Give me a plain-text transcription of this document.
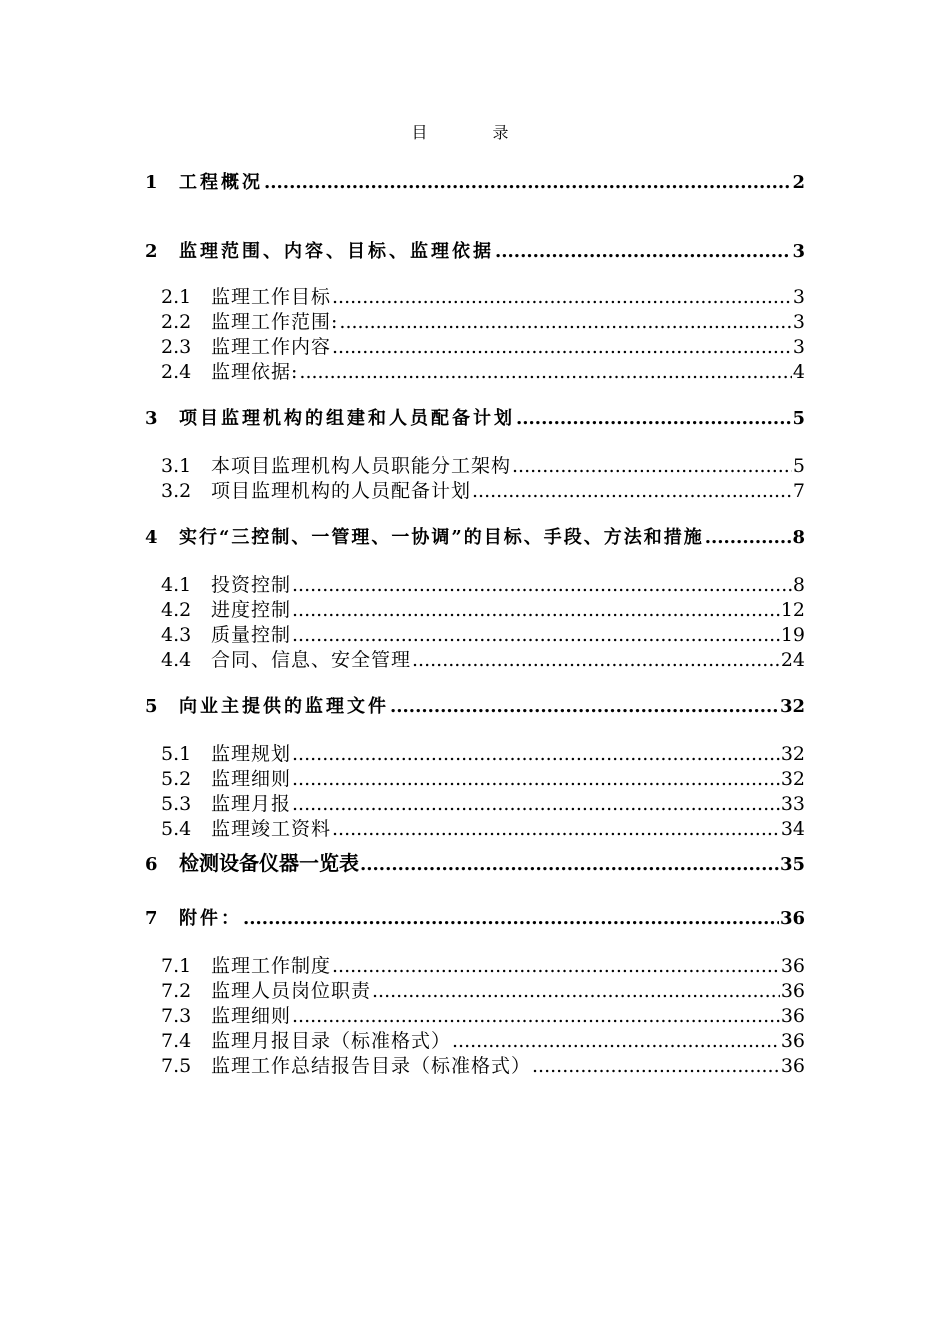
目 录
1	工程概况 .....	2
2	监理范围、内容、目标、监理依据 .....	3
2.1	监理工作目标 .....	3
2.2	监理工作范围: .....	3
2.3	监理工作内容 .....	3
2.4	监理依据: .....	4
3	项目监理机构的组建和人员配备计划 .....	5
3.1	本项目监理机构人员职能分工架构 .....	5
3.2	项目监理机构的人员配备计划 .....	7
4	实行“三控制、一管理、一协调”的目标、手段、方法和措施 .....	8
4.1	投资控制 .....	8
4.2	进度控制 .....	12
4.3	质量控制 .....	19
4.4	合同、信息、安全管理 .....	24
5	向业主提供的监理文件 .....	32
5.1	监理规划 .....	32
5.2	监理细则 .....	32
5.3	监理月报 .....	33
5.4	监理竣工资料 .....	34
6	检测设备仪器一览表 .....	35
7	附件： .....	36
7.1	监理工作制度 .....	36
7.2	监理人员岗位职责 .....	36
7.3	监理细则 .....	36
7.4	监理月报目录（标准格式） .....	36
7.5	监理工作总结报告目录（标准格式） .....	36
